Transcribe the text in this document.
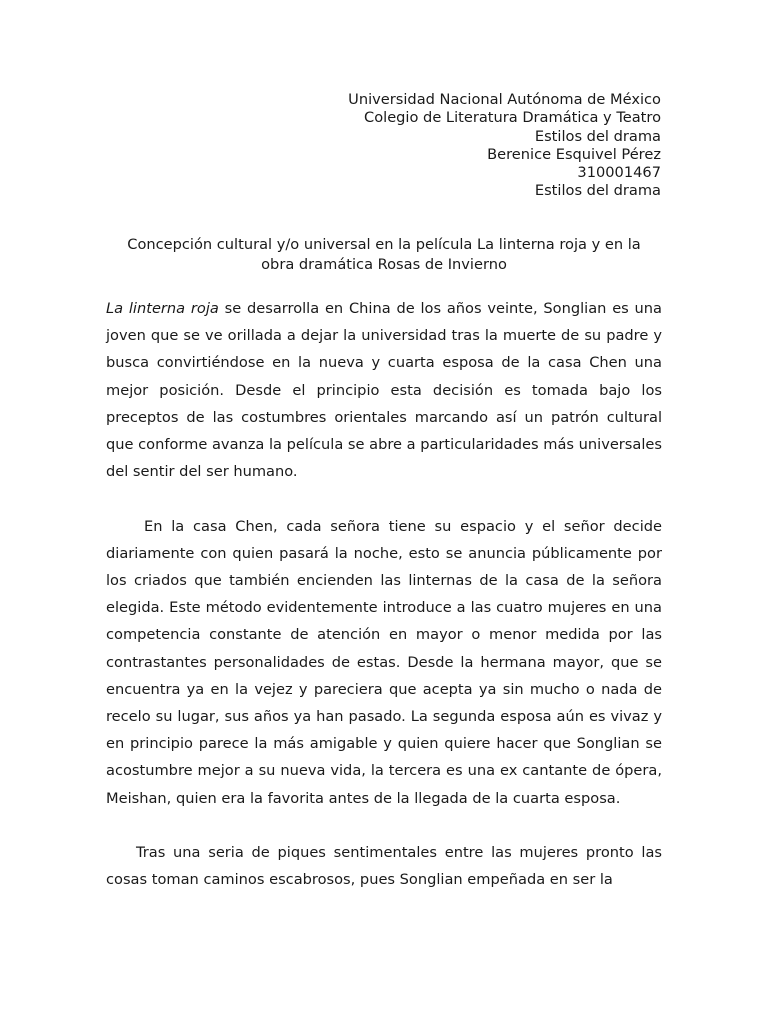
Universidad Nacional Autónoma de México
Colegio de Literatura Dramática y Teatro
Estilos del drama
Berenice Esquivel Pérez
310001467
Estilos del drama
Concepción cultural y/o universal en la película La linterna roja y en la
obra dramática Rosas de Invierno

La linterna roja se desarrolla en China de los años veinte, Songlian es una joven que se ve orillada a dejar la universidad tras la muerte de su padre y busca convirtiéndose en la nueva y cuarta esposa de la casa Chen una mejor posición. Desde el principio esta decisión es tomada bajo los preceptos de las costumbres orientales marcando así un patrón cultural que conforme avanza la película se abre a particularidades más universales del sentir del ser humano.

En la casa Chen, cada señora tiene su espacio y el señor decide diariamente con quien pasará la noche, esto se anuncia públicamente por los criados que también encienden las linternas de la casa de la señora elegida. Este método evidentemente introduce a las cuatro mujeres en una competencia constante de atención en mayor o menor medida por las contrastantes personalidades de estas. Desde la hermana mayor, que se encuentra ya en la vejez y pareciera que acepta ya sin mucho o nada de recelo su lugar, sus años ya han pasado. La segunda esposa aún es vivaz y en principio parece la más amigable y quien quiere hacer que Songlian se acostumbre mejor a su nueva vida, la tercera es una ex cantante de ópera, Meishan, quien era la favorita antes de la llegada de la cuarta esposa.

Tras una seria de piques sentimentales entre las mujeres pronto las cosas toman caminos escabrosos, pues Songlian empeñada en ser la
